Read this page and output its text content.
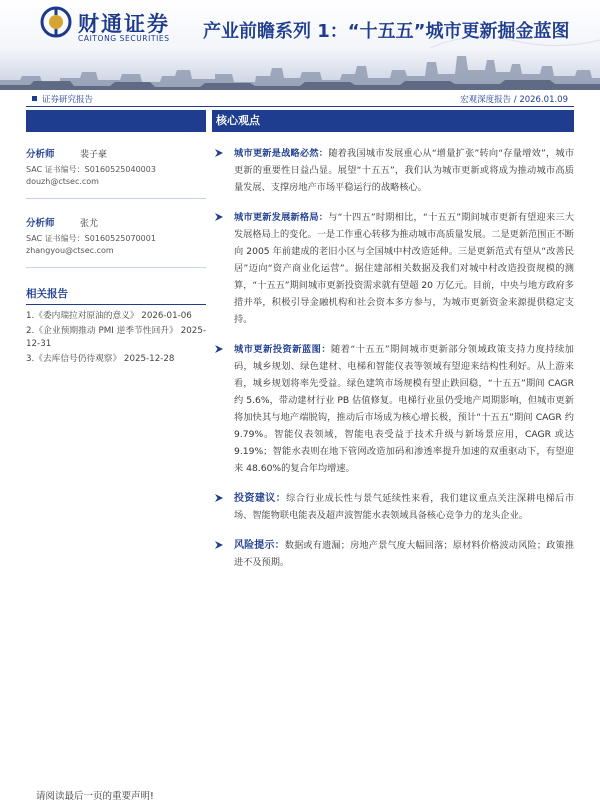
财通证券
CAITONG SECURITIES 产业前瞻系列 1：“十五五”城市更新掘金蓝图
证券研究报告	宏观深度报告 / 2026.01.09
分析师	裴子豪
SAC 证书编号：S0160525040003
douzh@ctsec.com
分析师	张尤
SAC 证书编号：S0160525070001
zhangyou@ctsec.com
相关报告
1.《委内瑞拉对原油的意义》 2026-01-06
2.《企业预期推动 PMI 逆季节性回升》 2025-12-31
3.《去库信号仍待观察》 2025-12-28
核心观点
城市更新是战略必然：随着我国城市发展重心从“增量扩张”转向“存量增效”，城市更新的重要性日益凸显。展望“十五五”，我们认为城市更新或将成为推动城市高质量发展、支撑房地产市场平稳运行的战略核心。
城市更新发展新格局：与“十四五”时期相比，“十五五”期间城市更新有望迎来三大发展格局上的变化。一是工作重心转移为推动城市高质量发展。二是更新范围正不断向 2005 年前建成的老旧小区与全国城中村改造延伸。三是更新范式有望从“改善民居”迈向“资产商业化运营”。据住建部相关数据及我们对城中村改造投资规模的测算，“十五五”期间城市更新投资需求就有望超 20 万亿元。目前，中央与地方政府多措并举，积极引导金融机构和社会资本多方参与，为城市更新资金来源提供稳定支持。
城市更新投资新蓝图：随着“十五五”期间城市更新部分领域政策支持力度持续加码，城乡规划、绿色建材、电梯和智能仪表等领域有望迎来结构性利好。从上游来看，城乡规划将率先受益。绿色建筑市场规模有望止跌回稳，“十五五”期间 CAGR 约 5.6%，带动建材行业 PB 估值修复。电梯行业虽仍受地产周期影响，但城市更新将加快其与地产端脱钩，推动后市场成为核心增长极，预计“十五五”期间 CAGR 约 9.79%。智能仪表领域，智能电表受益于技术升级与新场景应用，CAGR 或达 9.19%；智能水表则在地下管网改造加码和渗透率提升加速的双重驱动下，有望迎来 48.60%的复合年均增速。
投资建议：综合行业成长性与景气延续性来看，我们建议重点关注深耕电梯后市场、智能物联电能表及超声波智能水表领域具备核心竞争力的龙头企业。
风险提示：数据或有遗漏；房地产景气度大幅回落；原材料价格波动风险；政策推进不及预期。
请阅读最后一页的重要声明!
